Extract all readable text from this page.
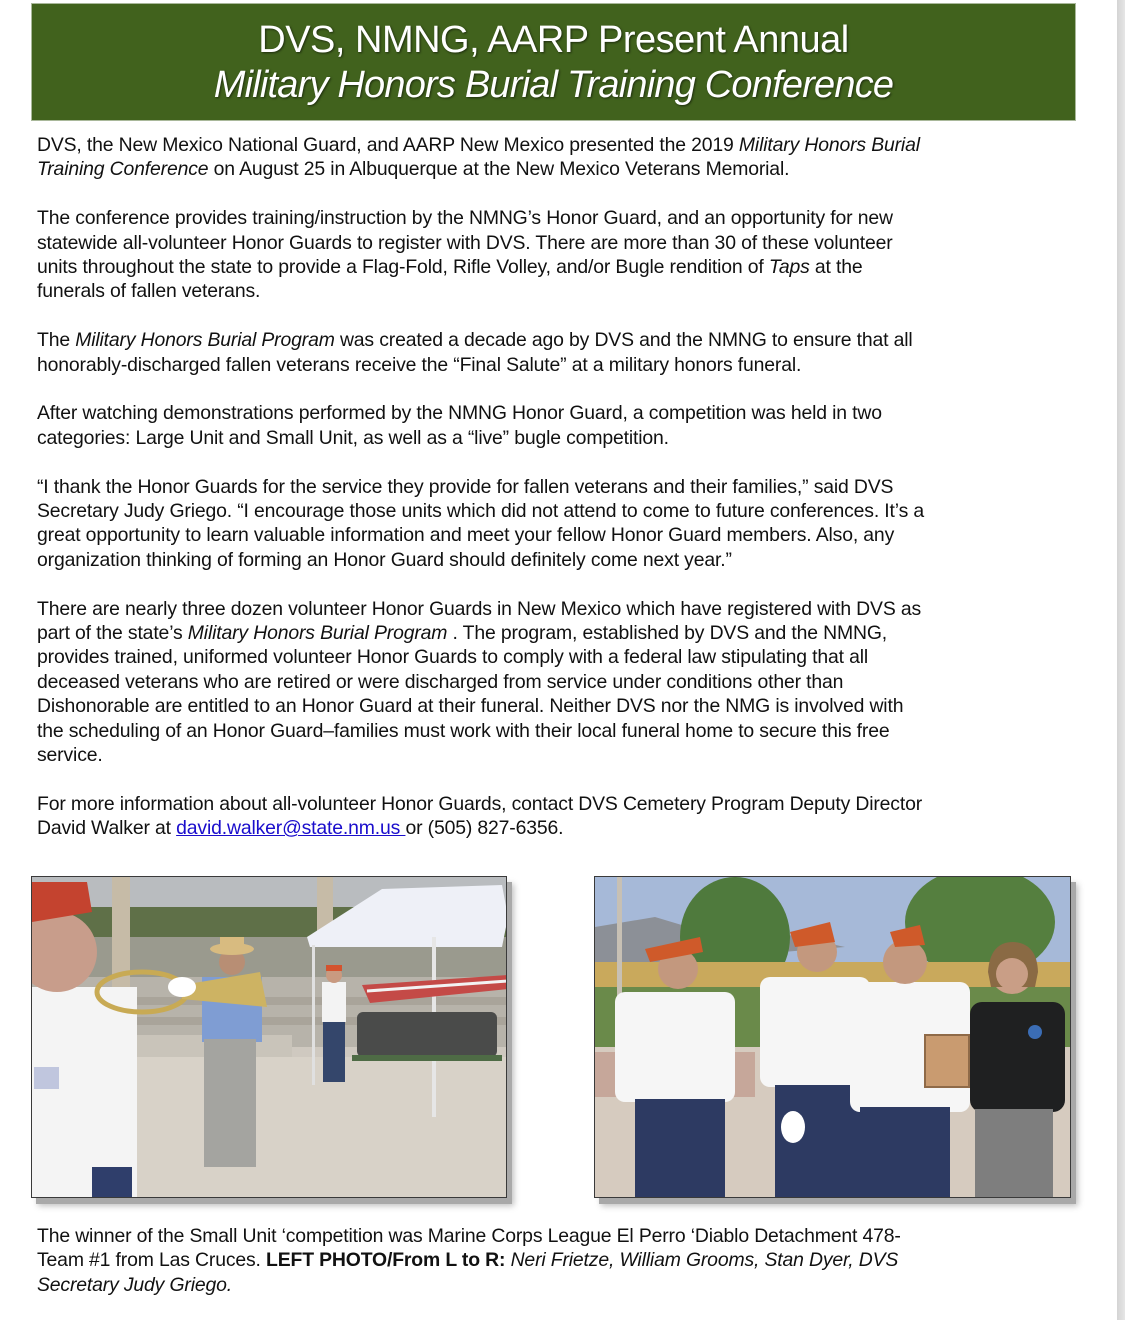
DVS, NMNG, AARP Present Annual
Military Honors Burial Training Conference
DVS, the New Mexico National Guard, and AARP New Mexico presented the 2019 Military Honors Burial
Training Conference on August 25 in Albuquerque at the New Mexico Veterans Memorial.
The conference provides training/instruction by the NMNG’s Honor Guard, and an opportunity for new
statewide all-volunteer Honor Guards to register with DVS. There are more than 30 of these volunteer
units throughout the state to provide a Flag-Fold, Rifle Volley, and/or Bugle rendition of Taps at the
funerals of fallen veterans.
The Military Honors Burial Program was created a decade ago by DVS and the NMNG to ensure that all
honorably-discharged fallen veterans receive the “Final Salute” at a military honors funeral.
After watching demonstrations performed by the NMNG Honor Guard, a competition was held in two
categories: Large Unit and Small Unit, as well as a “live” bugle competition.
“I thank the Honor Guards for the service they provide for fallen veterans and their families,” said DVS
Secretary Judy Griego. “I encourage those units which did not attend to come to future conferences. It’s a
great opportunity to learn valuable information and meet your fellow Honor Guard members. Also, any
organization thinking of forming an Honor Guard should definitely come next year.”
There are nearly three dozen volunteer Honor Guards in New Mexico which have registered with DVS as
part of the state’s Military Honors Burial Program . The program, established by DVS and the NMNG,
provides trained, uniformed volunteer Honor Guards to comply with a federal law stipulating that all
deceased veterans who are retired or were discharged from service under conditions other than
Dishonorable are entitled to an Honor Guard at their funeral. Neither DVS nor the NMG is involved with
the scheduling of an Honor Guard–families must work with their local funeral home to secure this free
service.
For more information about all-volunteer Honor Guards, contact DVS Cemetery Program Deputy Director
David Walker at david.walker@state.nm.us or (505) 827-6356.
The winner of the Small Unit ‘competition was Marine Corps League El Perro ‘Diablo Detachment 478-
Team #1 from Las Cruces. LEFT PHOTO/From L to R: Neri Frietze, William Grooms, Stan Dyer, DVS
Secretary Judy Griego.
